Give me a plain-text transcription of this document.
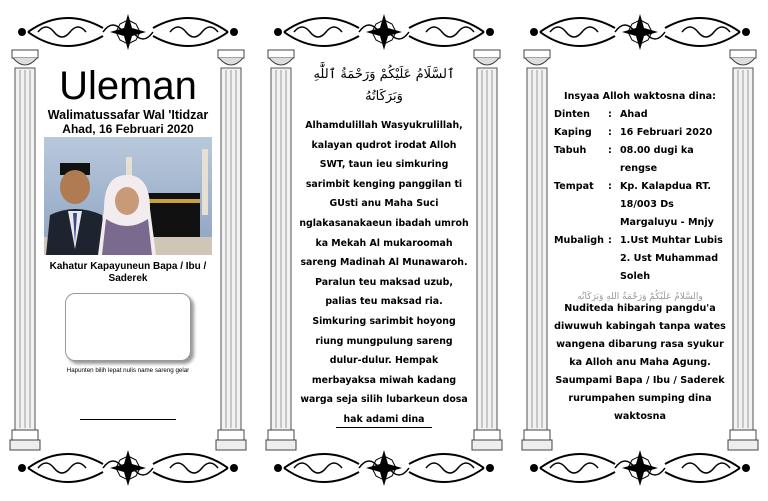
Uleman
Walimatussafar Wal 'Itidzar
Ahad, 16 Februari 2020
Kahatur Kapayuneun Bapa / Ibu / Saderek
Hapunten bilih lepat nulis name sareng gelar
ٱلسَّلَامُ عَلَيْكُمْ وَرَحْمَةُ ٱللَّٰهِ وَبَرَكَاتُهُ
Alhamdulillah Wasyukrulillah, kalayan qudrot irodat Alloh SWT, taun ieu simkuring sarimbit kenging panggilan ti GUsti anu Maha Suci nglakasanakaeun ibadah umroh ka Mekah Al mukaroomah sareng Madinah Al Munawaroh. Paralun teu maksad uzub, palias teu maksad ria. Simkuring sarimbit hoyong riung mungpulung sareng dulur-dulur. Hempak merbayaksa miwah kadang warga seja silih lubarkeun dosa hak adami dina
Insyaa Alloh waktosna dina:
Dinten	: Ahad
Kaping	: 16 Februari 2020
Tabuh	: 08.00 dugi ka rengse
Tempat	: Kp. Kalapdua RT. 18/003 Ds Margaluyu - Mnjy
Mubaligh : 1.Ust Muhtar Lubis 2. Ust Muhammad Soleh
Nuditeda hibaring pangdu'a diwuwuh kabingah tanpa wates wangena dibarung rasa syukur ka Alloh anu Maha Agung. Saumpami Bapa / Ibu / Saderek rurumpahen sumping dina waktosna
والسَّلامُ عَلَيْكُمْ وَرَحْمَةُ اللهِ وَبَرَكَاتُه
